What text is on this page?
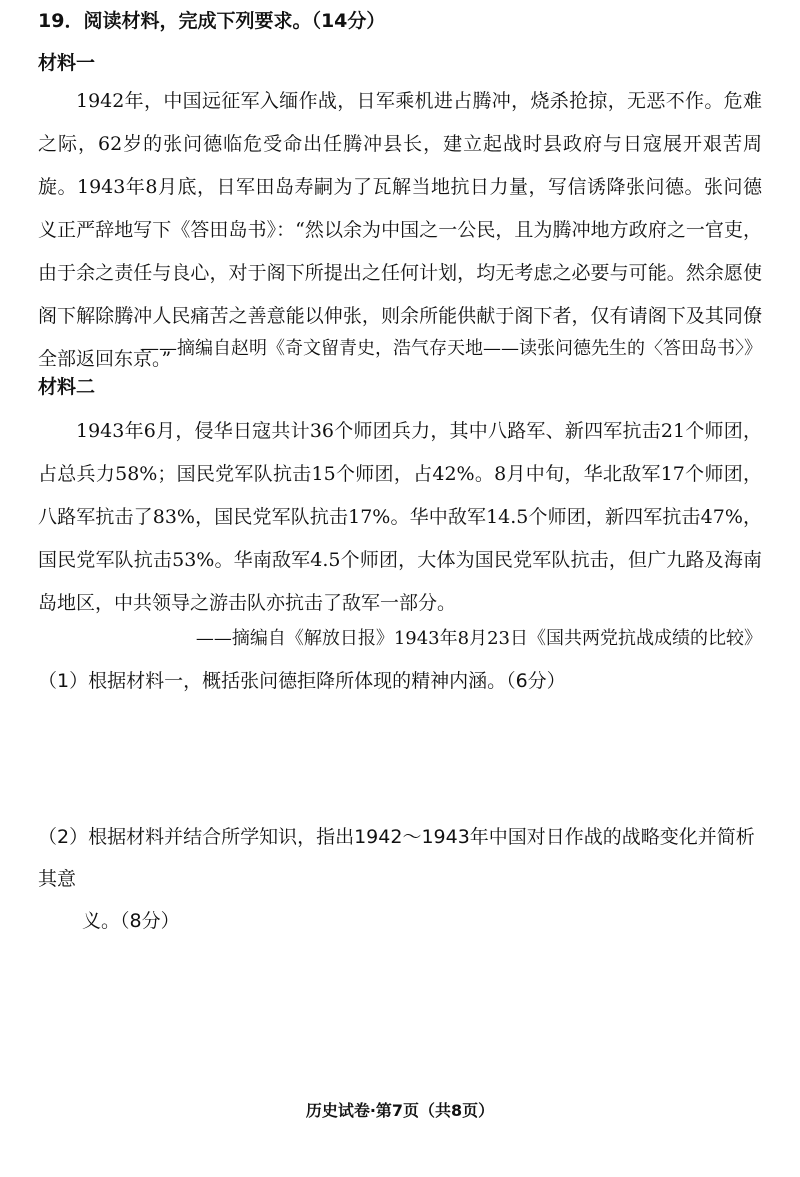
19．阅读材料，完成下列要求。（14分）
材料一
1942年，中国远征军入缅作战，日军乘机进占腾冲，烧杀抢掠，无恶不作。危难之际，62岁的张问德临危受命出任腾冲县长，建立起战时县政府与日寇展开艰苦周旋。1943年8月底，日军田岛寿嗣为了瓦解当地抗日力量，写信诱降张问德。张问德义正严辞地写下《答田岛书》：“然以余为中国之一公民，且为腾冲地方政府之一官吏，由于余之责任与良心，对于阁下所提出之任何计划，均无考虑之必要与可能。然余愿使阁下解除腾冲人民痛苦之善意能以伸张，则余所能供献于阁下者，仅有请阁下及其同僚全部返回东京。”
——摘编自赵明《奇文留青史，浩气存天地——读张问德先生的〈答田岛书〉》
材料二
1943年6月，侵华日寇共计36个师团兵力，其中八路军、新四军抗击21个师团，占总兵力58%；国民党军队抗击15个师团，占42%。8月中旬，华北敌军17个师团，八路军抗击了83%，国民党军队抗击17%。华中敌军14.5个师团，新四军抗击47%，国民党军队抗击53%。华南敌军4.5个师团，大体为国民党军队抗击，但广九路及海南岛地区，中共领导之游击队亦抗击了敌军一部分。
——摘编自《解放日报》1943年8月23日《国共两党抗战成绩的比较》
（1）根据材料一，概括张问德拒降所体现的精神内涵。（6分）
（2）根据材料并结合所学知识，指出1942～1943年中国对日作战的战略变化并简析其意
义。（8分）
历史试卷·第7页（共8页）
